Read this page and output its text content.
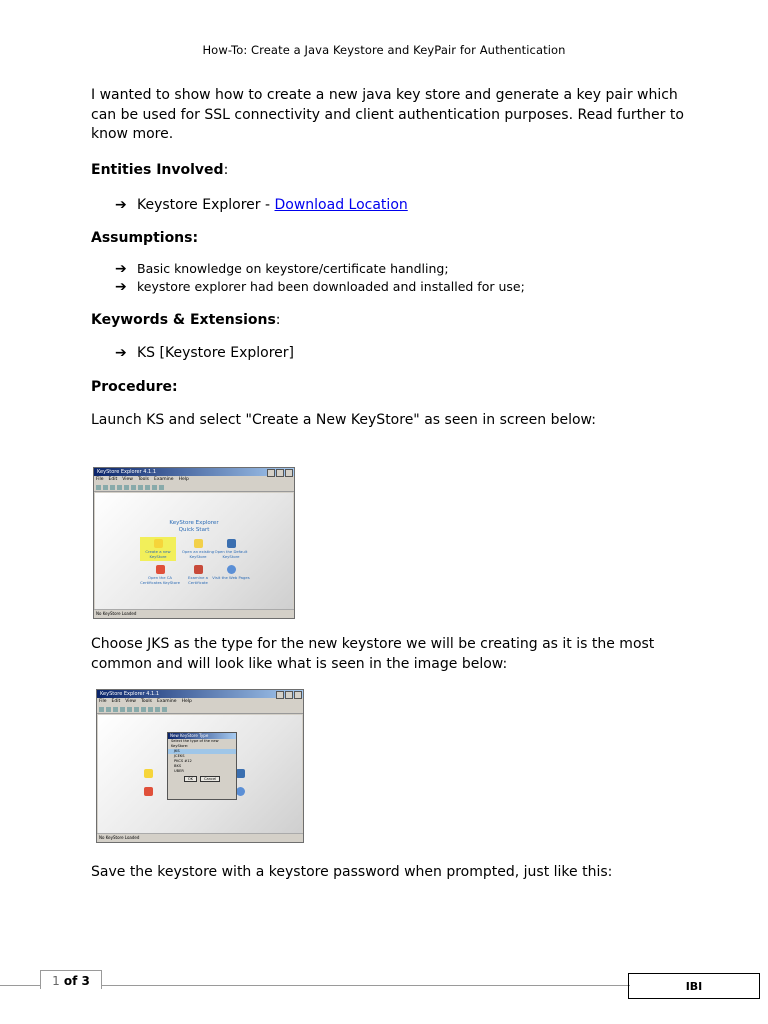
How-To: Create a Java Keystore and KeyPair for Authentication

I wanted to show how to create a new java key store and generate a key pair which can be used for SSL connectivity and client authentication purposes. Read further to know more.

Entities Involved:

➔ Keystore Explorer -
Download Location

Assumptions:

➔ Basic knowledge on keystore/certificate handling;
➔ keystore explorer had been downloaded and installed for use;

Keywords & Extensions:

➔ KS [Keystore Explorer]

Procedure:

Launch KS and select "Create a New KeyStore" as seen in screen below:

KeyStore Explorer 4.1.1
File Edit View Tools Examine Help
KeyStore Explorer
Quick Start
Create a new KeyStore
Open an existing KeyStore
Open the Default KeyStore
Open the CA Certificates KeyStore
Examine a Certificate
Visit the Web Pages
No KeyStore Loaded

Choose JKS as the type for the new keystore we will be creating as it is the most common and will look like what is seen in the image below:

KeyStore Explorer 4.1.1
File Edit View Tools Examine Help
New KeyStore Type
Select the type of the new KeyStore:
JKS
JCEKS
PKCS #12
BKS
UBER
OK	Cancel
No KeyStore Loaded

Save the keystore with a keystore password when prompted, just like this:

1 of 3	IBI
